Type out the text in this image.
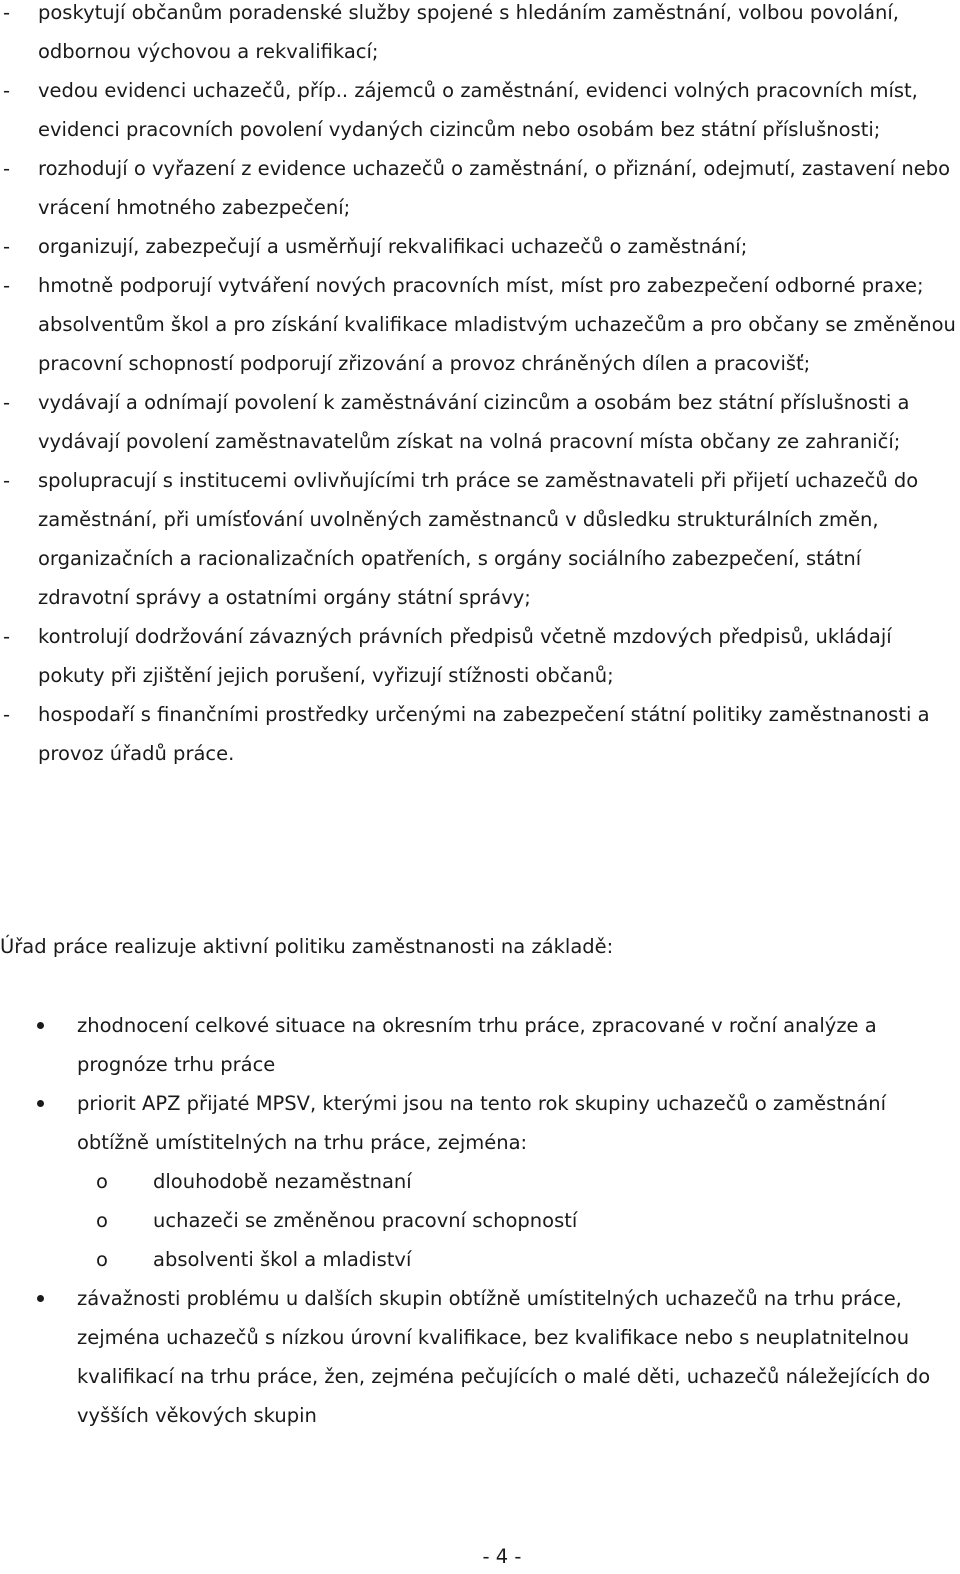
- poskytují občanům poradenské služby spojené s hledáním zaměstnání, volbou povolání, odbornou výchovou a rekvalifikací;
- vedou evidenci uchazečů, příp.. zájemců o zaměstnání, evidenci volných pracovních míst, evidenci pracovních povolení vydaných cizincům nebo osobám bez státní příslušnosti;
- rozhodují o vyřazení z evidence uchazečů o zaměstnání, o přiznání, odejmutí, zastavení nebo vrácení hmotného zabezpečení;
- organizují, zabezpečují a usměrňují rekvalifikaci uchazečů o zaměstnání;
- hmotně podporují vytváření nových pracovních míst, míst pro zabezpečení odborné praxe; absolventům škol a pro získání kvalifikace mladistvým uchazečům a pro občany se změněnou pracovní schopností podporují zřizování a provoz chráněných dílen a pracovišť;
- vydávají a odnímají povolení k zaměstnávání cizincům a osobám bez státní příslušnosti a vydávají povolení zaměstnavatelům získat na volná pracovní místa občany ze zahraničí;
- spolupracují s institucemi ovlivňujícími trh práce se zaměstnavateli při přijetí uchazečů do zaměstnání, při umísťování uvolněných zaměstnanců v důsledku strukturálních změn, organizačních a racionalizačních opatřeních, s orgány sociálního zabezpečení, státní zdravotní správy a ostatními orgány státní správy;
- kontrolují dodržování závazných právních předpisů včetně mzdových předpisů, ukládají pokuty při zjištění jejich porušení, vyřizují stížnosti občanů;
- hospodaří s finančními prostředky určenými na zabezpečení státní politiky zaměstnanosti a provoz úřadů práce.

Úřad práce realizuje aktivní politiku zaměstnanosti na základě:

zhodnocení celkové situace na okresním trhu práce, zpracované v roční analýze a prognóze trhu práce
priorit APZ přijaté MPSV, kterými jsou na tento rok skupiny uchazečů o zaměstnání obtížně umístitelných na trhu práce, zejména:
o	dlouhodobě nezaměstnaní
o	uchazeči se změněnou pracovní schopností
o	absolventi škol a mladiství
závažnosti problému u dalších skupin obtížně umístitelných uchazečů na trhu práce, zejména uchazečů s nízkou úrovní kvalifikace, bez kvalifikace nebo s neuplatnitelnou kvalifikací na trhu práce, žen, zejména pečujících o malé děti, uchazečů náležejících do vyšších věkových skupin
- 4 -
